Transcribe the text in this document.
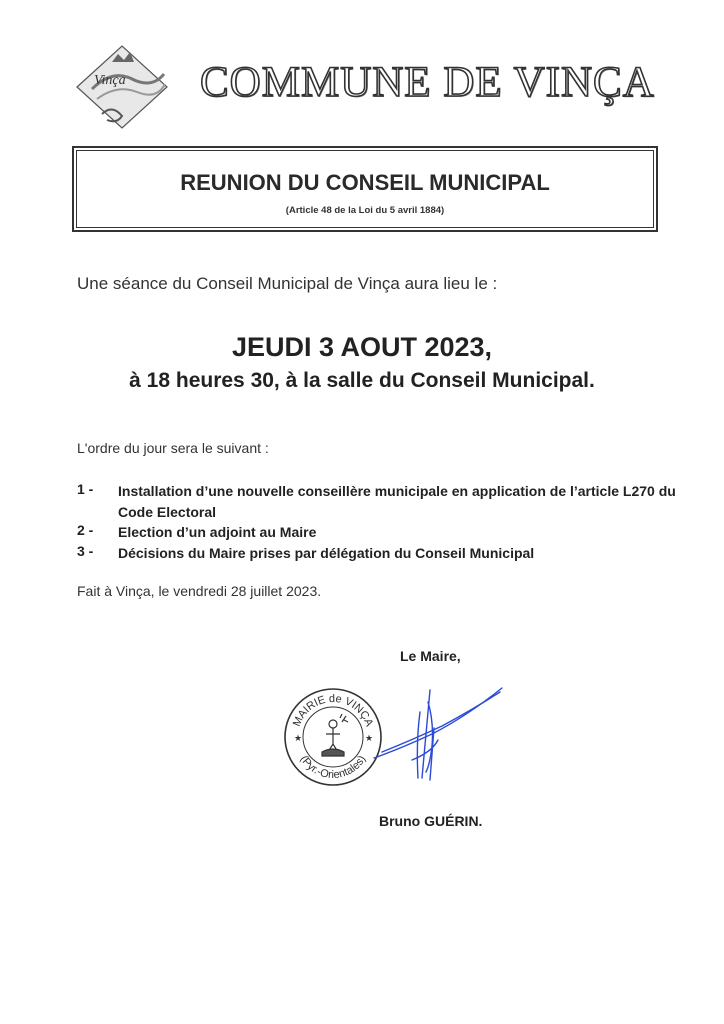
Vinça COMMUNE DE VINÇA
REUNION DU CONSEIL MUNICIPAL
(Article 48 de la Loi du 5 avril 1884)
Une séance du Conseil Municipal de Vinça aura lieu le :
JEUDI 3 AOUT 2023,
à 18 heures 30, à la salle du Conseil Municipal.
L'ordre du jour sera le suivant :
1 - Installation d’une nouvelle conseillère municipale en application de l’article L270 du Code Electoral
2 - Election d’un adjoint au Maire
3 - Décisions du Maire prises par délégation du Conseil Municipal
Fait à Vinça, le vendredi 28 juillet 2023.
Le Maire,
MAIRIE de VINÇA
(Pyr.-Orientales)
★	★
Bruno GUÉRIN.
